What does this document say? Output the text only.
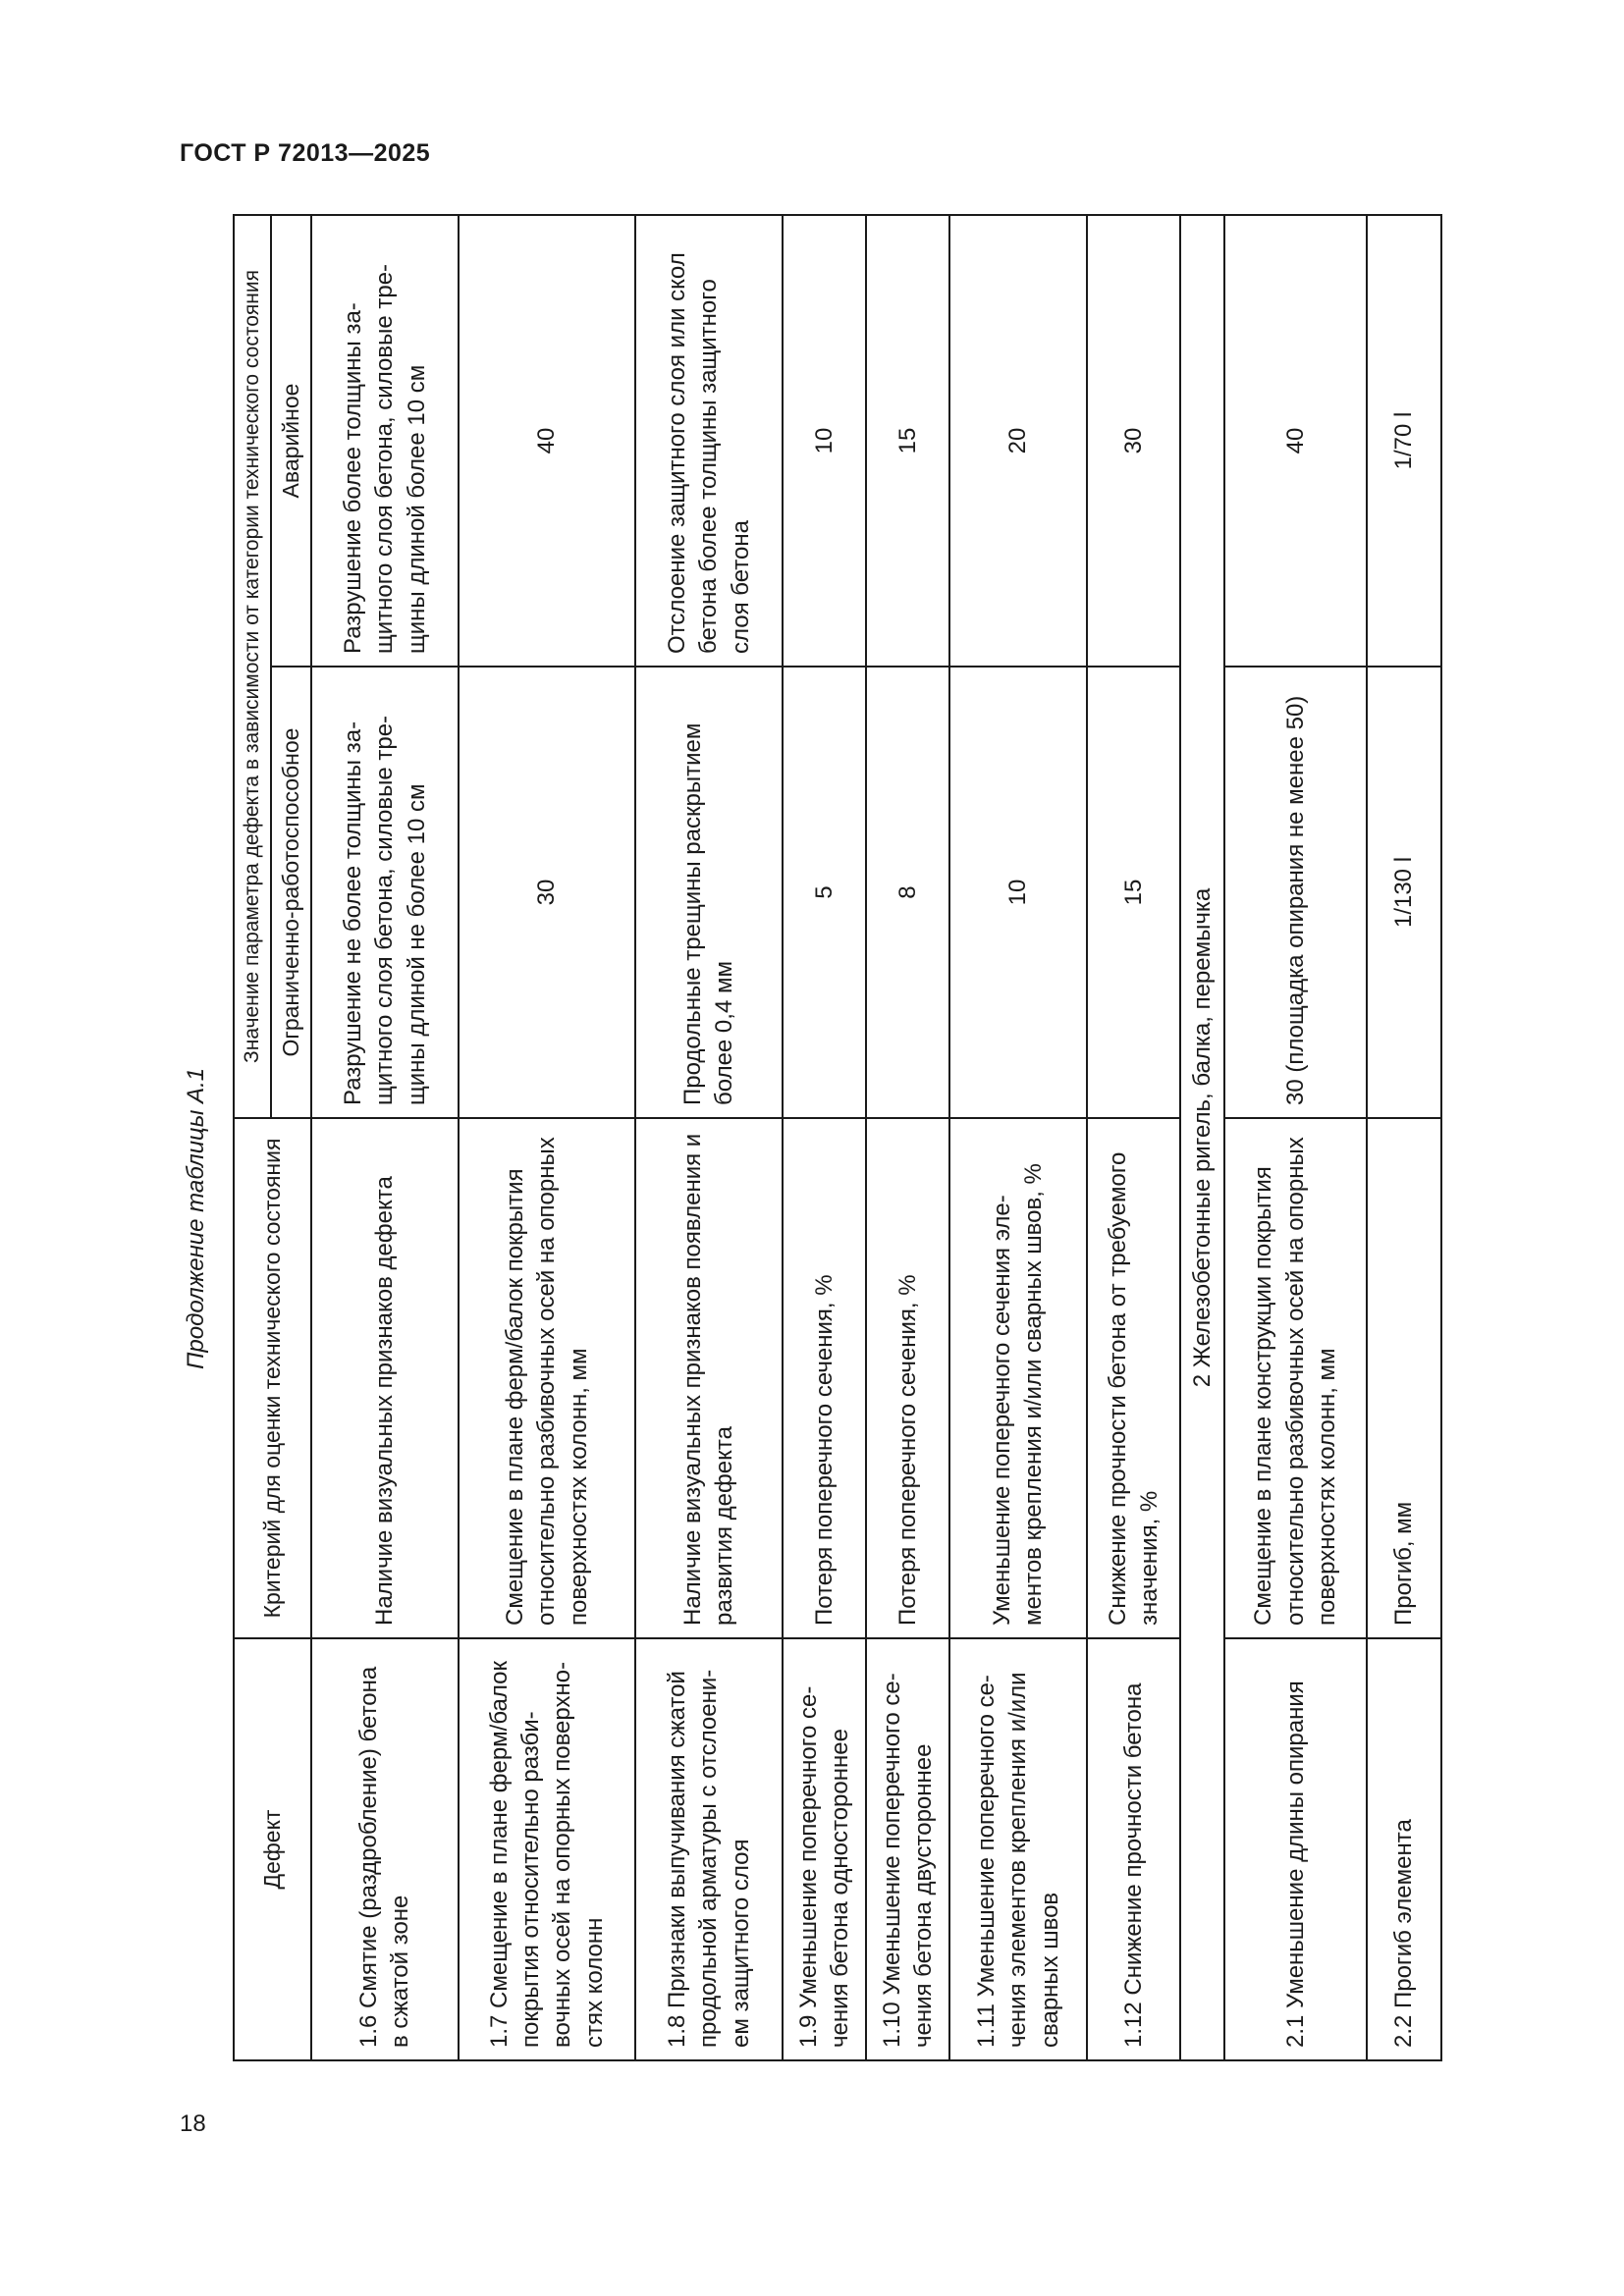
ГОСТ Р 72013—2025
Продолжение таблицы А.1
Дефект	Критерий для оценки технического состояния	Значение параметра дефекта в зависимости от категории технического состояния	
		Ограниченно-работоспособное	Аварийное
1.6 Смятие (раздробление) бетона в сжатой зоне	Наличие визуальных признаков дефекта	Разрушение не более толщины защитного слоя бетона, силовые трещины длиной не более 10 см	Разрушение более толщины защитного слоя бетона, силовые трещины длиной более 10 см
1.7 Смещение в плане ферм/балок покрытия относительно разбивочных осей на опорных поверхностях колонн	Смещение в плане ферм/балок покрытия относительно разбивочных осей на опорных поверхностях колонн, мм	30	40
1.8 Признаки выпучивания сжатой продольной арматуры с отслоением защитного слоя	Наличие визуальных признаков появления и развития дефекта	Продольные трещины раскрытием более 0,4 мм	Отслоение защитного слоя или скол бетона более толщины защитного слоя бетона
1.9 Уменьшение поперечного сечения бетона одностороннее	Потеря поперечного сечения, %	5	10
1.10 Уменьшение поперечного сечения бетона двустороннее	Потеря поперечного сечения, %	8	15
1.11 Уменьшение поперечного сечения элементов крепления и/или сварных швов	Уменьшение поперечного сечения элементов крепления и/или сварных швов, %	10	20
1.12 Снижение прочности бетона	Снижение прочности бетона от требуемого значения, %	15	30
2 Железобетонные ригель, балка, перемычка			
2.1 Уменьшение длины опирания	Смещение в плане конструкции покрытия относительно разбивочных осей на опорных поверхностях колонн, мм	30 (площадка опирания не менее 50)	40
2.2 Прогиб элемента	Прогиб, мм	1/130 l	1/70 l
18
